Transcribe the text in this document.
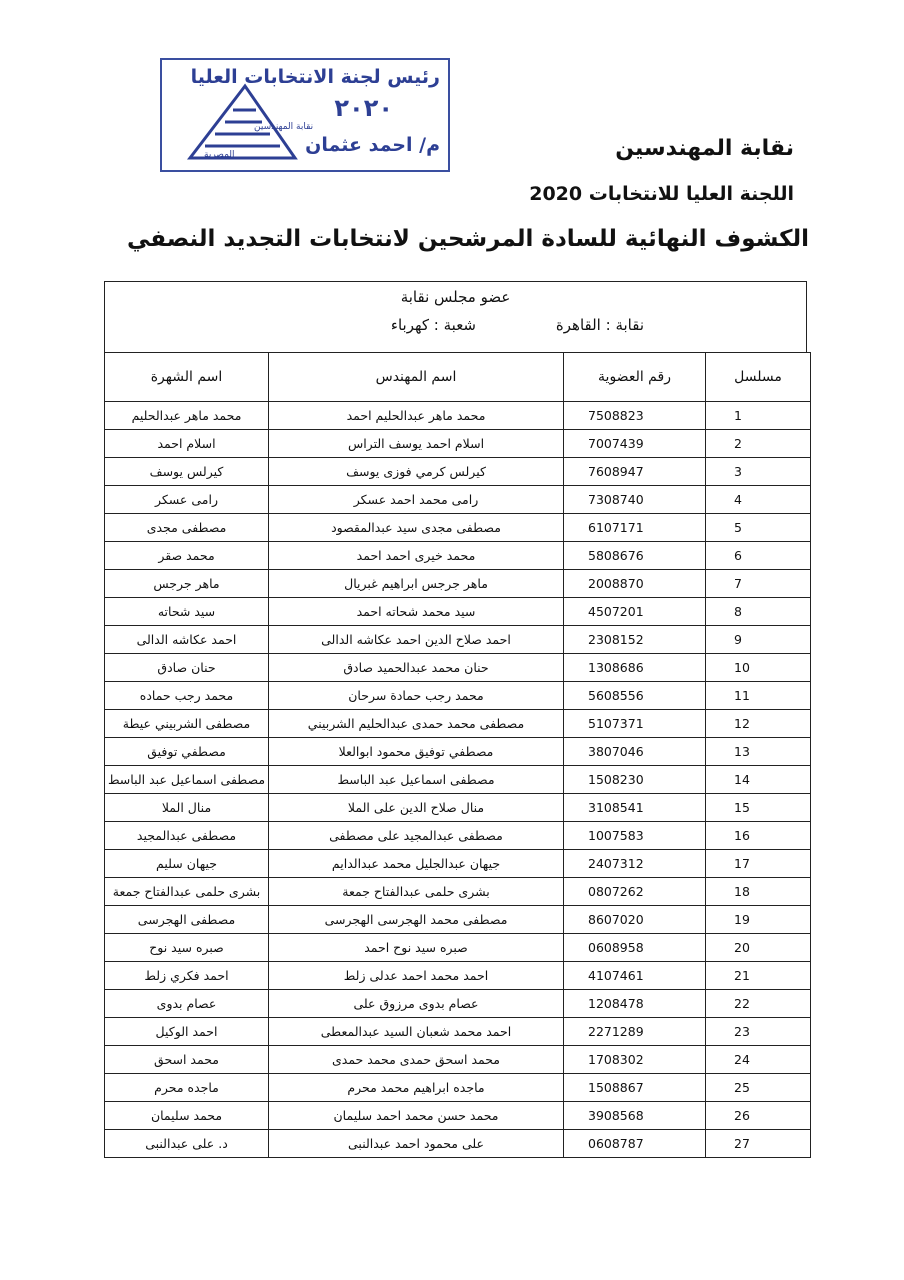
نقابة المهندسين
المصرية
رئيس لجنة الانتخابات العليا
٢٠٢٠
م/ احمد عثمان	نقابة المهندسين
اللجنة العليا للانتخابات 2020
الكشوف النهائية للسادة المرشحين لانتخابات التجديد النصفي
عضو مجلس نقابة
نقابة : القاهرة
شعبة : كهرباء
مسلسل	رقم العضوية	اسم المهندس	اسم الشهرة
1	7508823	محمد ماهر عبدالحليم احمد	محمد ماهر عبدالحليم
2	7007439	اسلام احمد يوسف التراس	اسلام احمد
3	7608947	كيرلس كرمي فوزى يوسف	كيرلس يوسف
4	7308740	رامى محمد احمد عسكر	رامى عسكر
5	6107171	مصطفى مجدى سيد عبدالمقصود	مصطفى مجدى
6	5808676	محمد خيرى احمد احمد	محمد صقر
7	2008870	ماهر جرجس ابراهيم غبريال	ماهر جرجس
8	4507201	سيد محمد شحاته احمد	سيد شحاته
9	2308152	احمد صلاح الدين احمد عكاشه الدالى	احمد عكاشه الدالى
10	1308686	حنان محمد عبدالحميد صادق	حنان صادق
11	5608556	محمد رجب حمادة سرحان	محمد رجب حماده
12	5107371	مصطفى محمد حمدى عبدالحليم الشربيني	مصطفى الشربيني عيطة
13	3807046	مصطفي توفيق محمود ابوالعلا	مصطفي توفيق
14	1508230	مصطفى اسماعيل عبد الباسط	مصطفى اسماعيل عبد الباسط
15	3108541	منال صلاح الدين على الملا	منال الملا
16	1007583	مصطفى عبدالمجيد على مصطفى	مصطفى عبدالمجيد
17	2407312	جيهان عبدالجليل محمد عبدالدايم	جيهان سليم
18	0807262	بشرى حلمى عبدالفتاح جمعة	بشرى حلمى عبدالفتاح جمعة
19	8607020	مصطفى محمد الهجرسى الهجرسى	مصطفى الهجرسى
20	0608958	صبره سيد نوح احمد	صبره سيد نوح
21	4107461	احمد محمد احمد عدلى زلط	احمد فكري زلط
22	1208478	عصام بدوى مرزوق على	عصام بدوى
23	2271289	احمد محمد شعبان السيد عبدالمعطى	احمد الوكيل
24	1708302	محمد اسحق حمدى محمد حمدى	محمد اسحق
25	1508867	ماجده ابراهيم محمد محرم	ماجده محرم
26	3908568	محمد حسن محمد احمد سليمان	محمد سليمان
27	0608787	على محمود احمد عبدالنبى	د. على عبدالنبى
